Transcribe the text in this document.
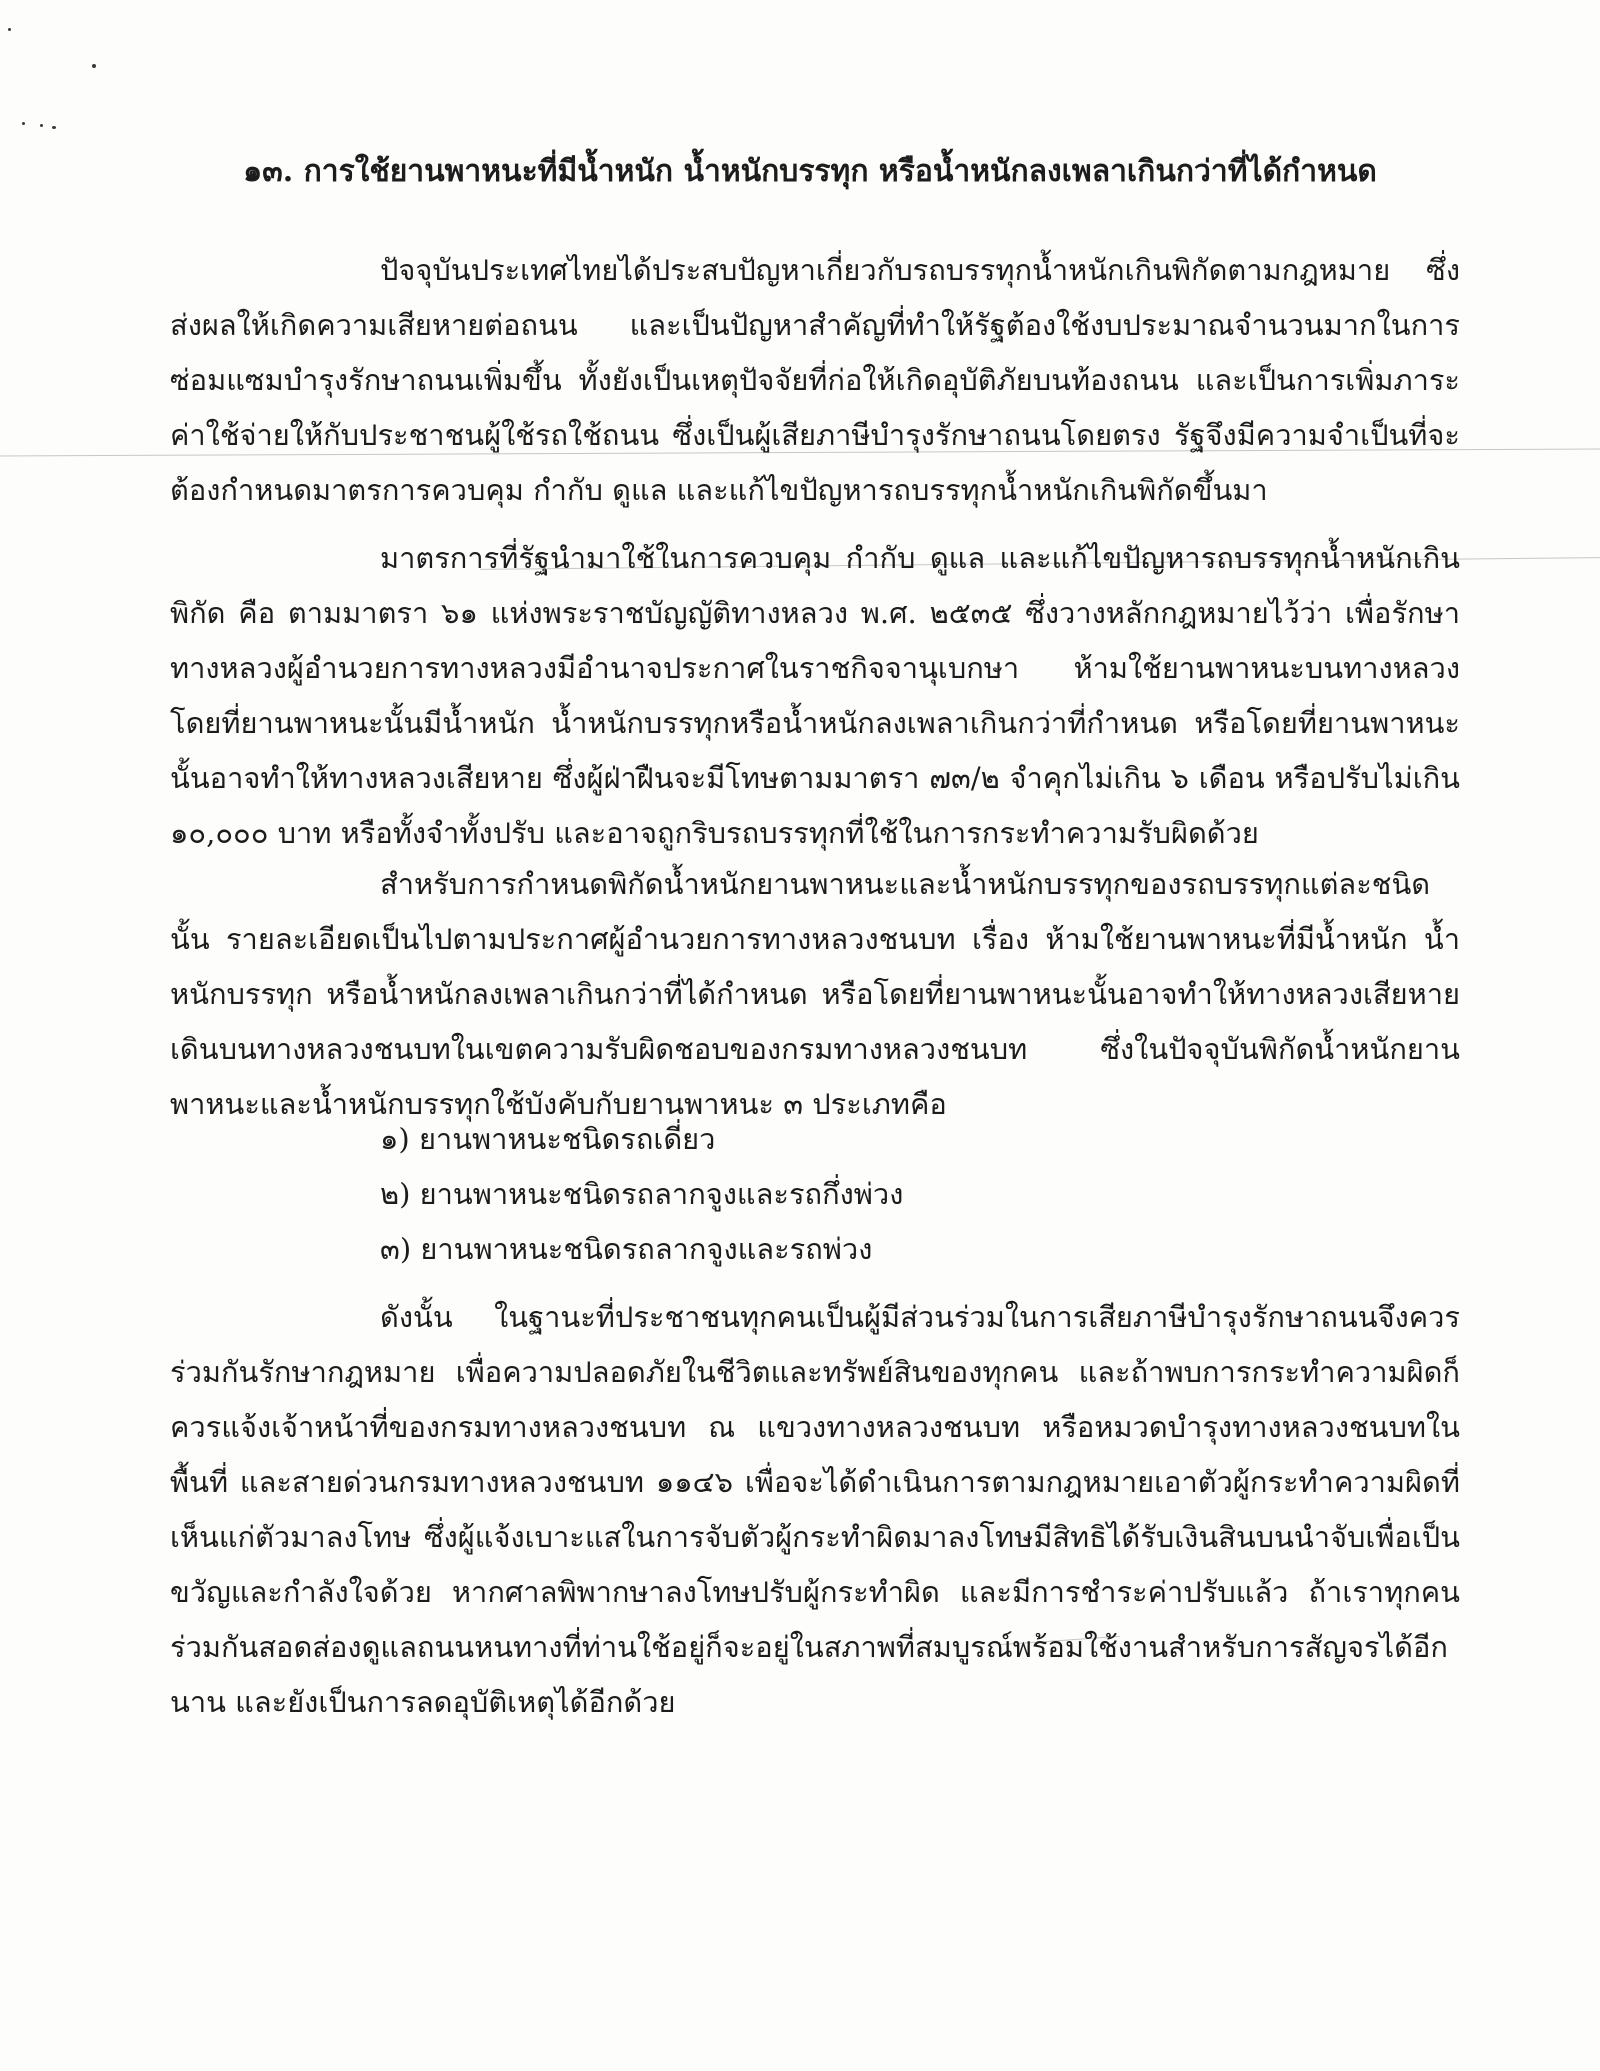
๑๓. การใช้ยานพาหนะที่มีน้ำหนัก น้ำหนักบรรทุก หรือน้ำหนักลงเพลาเกินกว่าที่ได้กำหนด

ปัจจุบันประเทศไทยได้ประสบปัญหาเกี่ยวกับรถบรรทุกน้ำหนักเกินพิกัดตามกฎหมาย ซึ่งส่งผลให้เกิดความเสียหายต่อถนน และเป็นปัญหาสำคัญที่ทำให้รัฐต้องใช้งบประมาณจำนวนมากในการซ่อมแซมบำรุงรักษาถนนเพิ่มขึ้น ทั้งยังเป็นเหตุปัจจัยที่ก่อให้เกิดอุบัติภัยบนท้องถนน และเป็นการเพิ่มภาระค่าใช้จ่ายให้กับประชาชนผู้ใช้รถใช้ถนน ซึ่งเป็นผู้เสียภาษีบำรุงรักษาถนนโดยตรง รัฐจึงมีความจำเป็นที่จะต้องกำหนดมาตรการควบคุม กำกับ ดูแล และแก้ไขปัญหารถบรรทุกน้ำหนักเกินพิกัดขึ้นมา

มาตรการที่รัฐนำมาใช้ในการควบคุม กำกับ ดูแล และแก้ไขปัญหารถบรรทุกน้ำหนักเกินพิกัด คือ ตามมาตรา ๖๑ แห่งพระราชบัญญัติทางหลวง พ.ศ. ๒๕๓๕ ซึ่งวางหลักกฎหมายไว้ว่า เพื่อรักษาทางหลวงผู้อำนวยการทางหลวงมีอำนาจประกาศในราชกิจจานุเบกษา ห้ามใช้ยานพาหนะบนทางหลวง โดยที่ยานพาหนะนั้นมีน้ำหนัก น้ำหนักบรรทุกหรือน้ำหนักลงเพลาเกินกว่าที่กำหนด หรือโดยที่ยานพาหนะนั้นอาจทำให้ทางหลวงเสียหาย ซึ่งผู้ฝ่าฝืนจะมีโทษตามมาตรา ๗๓/๒ จำคุกไม่เกิน ๖ เดือน หรือปรับไม่เกิน ๑๐,๐๐๐ บาท หรือทั้งจำทั้งปรับ และอาจถูกริบรถบรรทุกที่ใช้ในการกระทำความรับผิดด้วย

สำหรับการกำหนดพิกัดน้ำหนักยานพาหนะและน้ำหนักบรรทุกของรถบรรทุกแต่ละชนิดนั้น รายละเอียดเป็นไปตามประกาศผู้อำนวยการทางหลวงชนบท เรื่อง ห้ามใช้ยานพาหนะที่มีน้ำหนัก น้ำหนักบรรทุก หรือน้ำหนักลงเพลาเกินกว่าที่ได้กำหนด หรือโดยที่ยานพาหนะนั้นอาจทำให้ทางหลวงเสียหายเดินบนทางหลวงชนบทในเขตความรับผิดชอบของกรมทางหลวงชนบท ซึ่งในปัจจุบันพิกัดน้ำหนักยานพาหนะและน้ำหนักบรรทุกใช้บังคับกับยานพาหนะ ๓ ประเภทคือ

๑) ยานพาหนะชนิดรถเดี่ยว
๒) ยานพาหนะชนิดรถลากจูงและรถกึ่งพ่วง
๓) ยานพาหนะชนิดรถลากจูงและรถพ่วง

ดังนั้น ในฐานะที่ประชาชนทุกคนเป็นผู้มีส่วนร่วมในการเสียภาษีบำรุงรักษาถนนจึงควรร่วมกันรักษากฎหมาย เพื่อความปลอดภัยในชีวิตและทรัพย์สินของทุกคน และถ้าพบการกระทำความผิดก็ควรแจ้งเจ้าหน้าที่ของกรมทางหลวงชนบท ณ แขวงทางหลวงชนบท หรือหมวดบำรุงทางหลวงชนบทในพื้นที่ และสายด่วนกรมทางหลวงชนบท ๑๑๔๖ เพื่อจะได้ดำเนินการตามกฎหมายเอาตัวผู้กระทำความผิดที่เห็นแก่ตัวมาลงโทษ ซึ่งผู้แจ้งเบาะแสในการจับตัวผู้กระทำผิดมาลงโทษมีสิทธิได้รับเงินสินบนนำจับเพื่อเป็นขวัญและกำลังใจด้วย หากศาลพิพากษาลงโทษปรับผู้กระทำผิด และมีการชำระค่าปรับแล้ว ถ้าเราทุกคนร่วมกันสอดส่องดูแลถนนหนทางที่ท่านใช้อยู่ก็จะอยู่ในสภาพที่สมบูรณ์พร้อมใช้งานสำหรับการสัญจรได้อีกนาน และยังเป็นการลดอุบัติเหตุได้อีกด้วย
